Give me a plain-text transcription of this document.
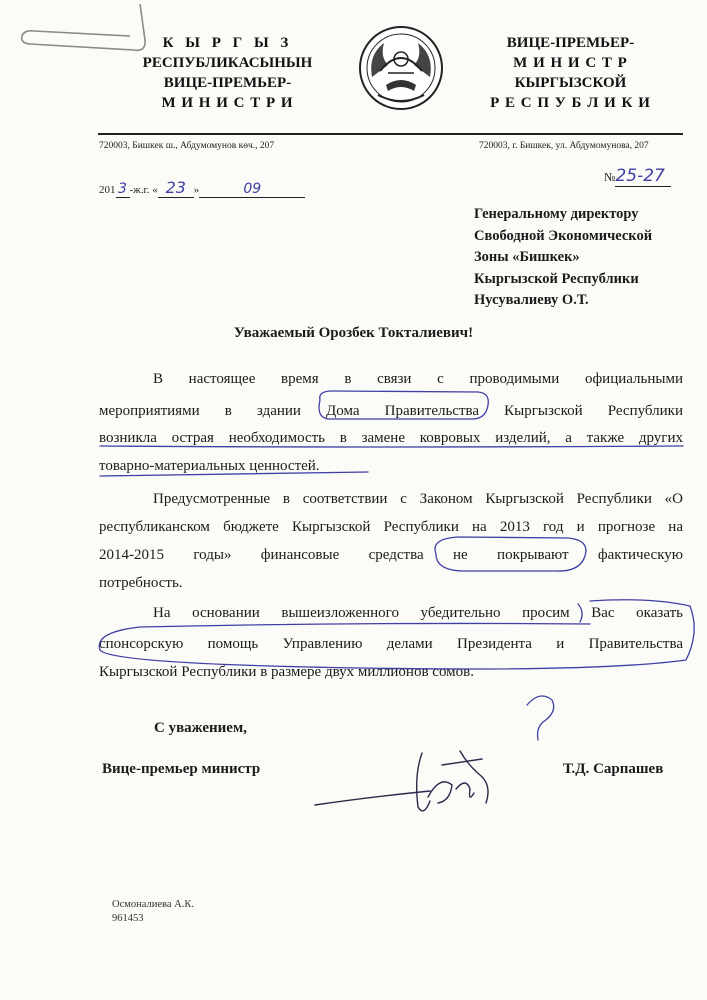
К Ы Р Г Ы З
РЕСПУБЛИКАСЫНЫН
ВИЦЕ-ПРЕМЬЕР-
М И Н И С Т Р И
ВИЦЕ-ПРЕМЬЕР-
М И Н И С Т Р
КЫРГЫЗСКОЙ
Р Е С П У Б Л И К И
720003, Бишкек ш., Абдумомунов көч., 207	720003, г. Бишкек, ул. Абдумомунова, 207
201 3 -ж.г. « 23 »	09
№25-27
Генеральному директору
Свободной Экономической
Зоны «Бишкек»
Кыргызской Республики
Нусувалиеву О.Т.
Уважаемый Орозбек Токталиевич!
В настоящее время в связи с проводимыми официальными
мероприятиями в здании Дома Правительства Кыргызской Республики
возникла острая необходимость в замене ковровых изделий, а также других
товарно-материальных ценностей.
Предусмотренные в соответствии с Законом Кыргызской Республики «О
республиканском бюджете Кыргызской Республики на 2013 год и прогнозе на
2014-2015 годы» финансовые средства не покрывают фактическую
потребность.
На основании вышеизложенного убедительно просим Вас оказать
спонсорскую помощь Управлению делами Президента и Правительства
Кыргызской Республики в размере двух миллионов сомов.
С уважением,
Вице-премьер министр	Т.Д. Сарпашев
Осмоналиева А.К.
961453
